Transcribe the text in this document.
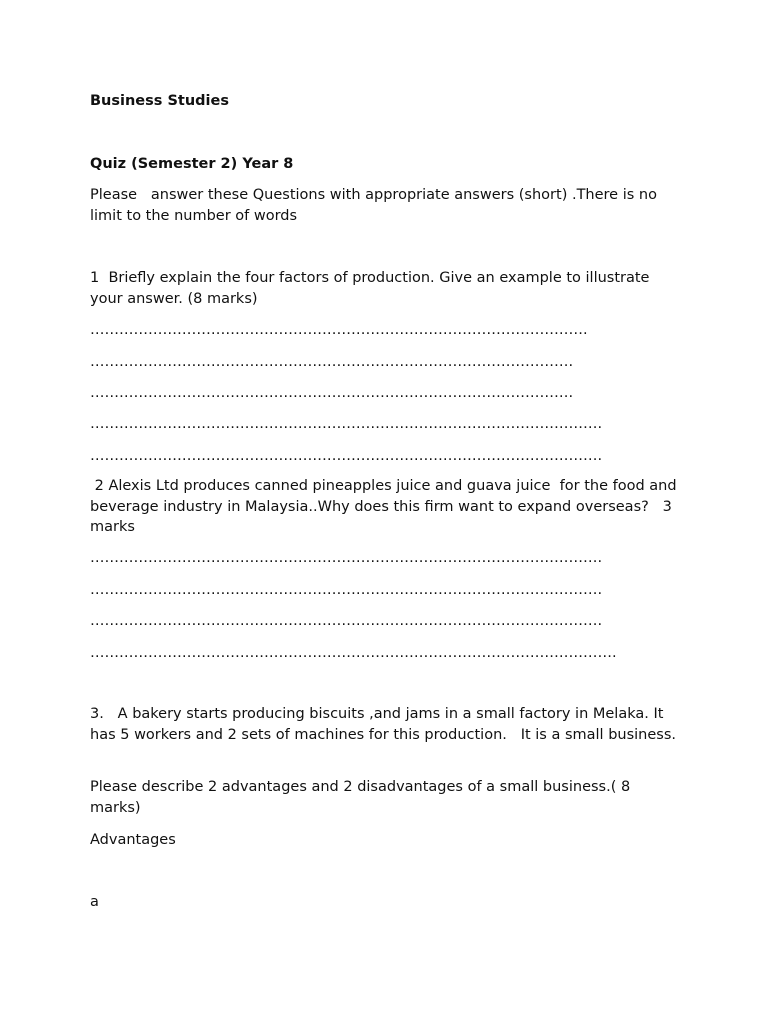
Business Studies

Quiz (Semester 2) Year 8

Please   answer these Questions with appropriate answers (short) .There is no limit to the number of words

1  Briefly explain the four factors of production. Give an example to illustrate your answer. (8 marks)

………………………………………………………………………………………….

……………………………………………………………………………………….

……………………………………………………………………………………….

…………………………………………………………………………………………….

…………………………………………………………………………………………….

2 Alexis Ltd produces canned pineapples juice and guava juice  for the food and beverage industry in Malaysia..Why does this firm want to expand overseas?   3 marks

…………………………………………………………………………………………….

…………………………………………………………………………………………….

…………………………………………………………………………………………….

……………………………………………………………………………………………….

3.   A bakery starts producing biscuits ,and jams in a small factory in Melaka. It has 5 workers and 2 sets of machines for this production.   It is a small business.

Please describe 2 advantages and 2 disadvantages of a small business.( 8 marks)

Advantages

a
